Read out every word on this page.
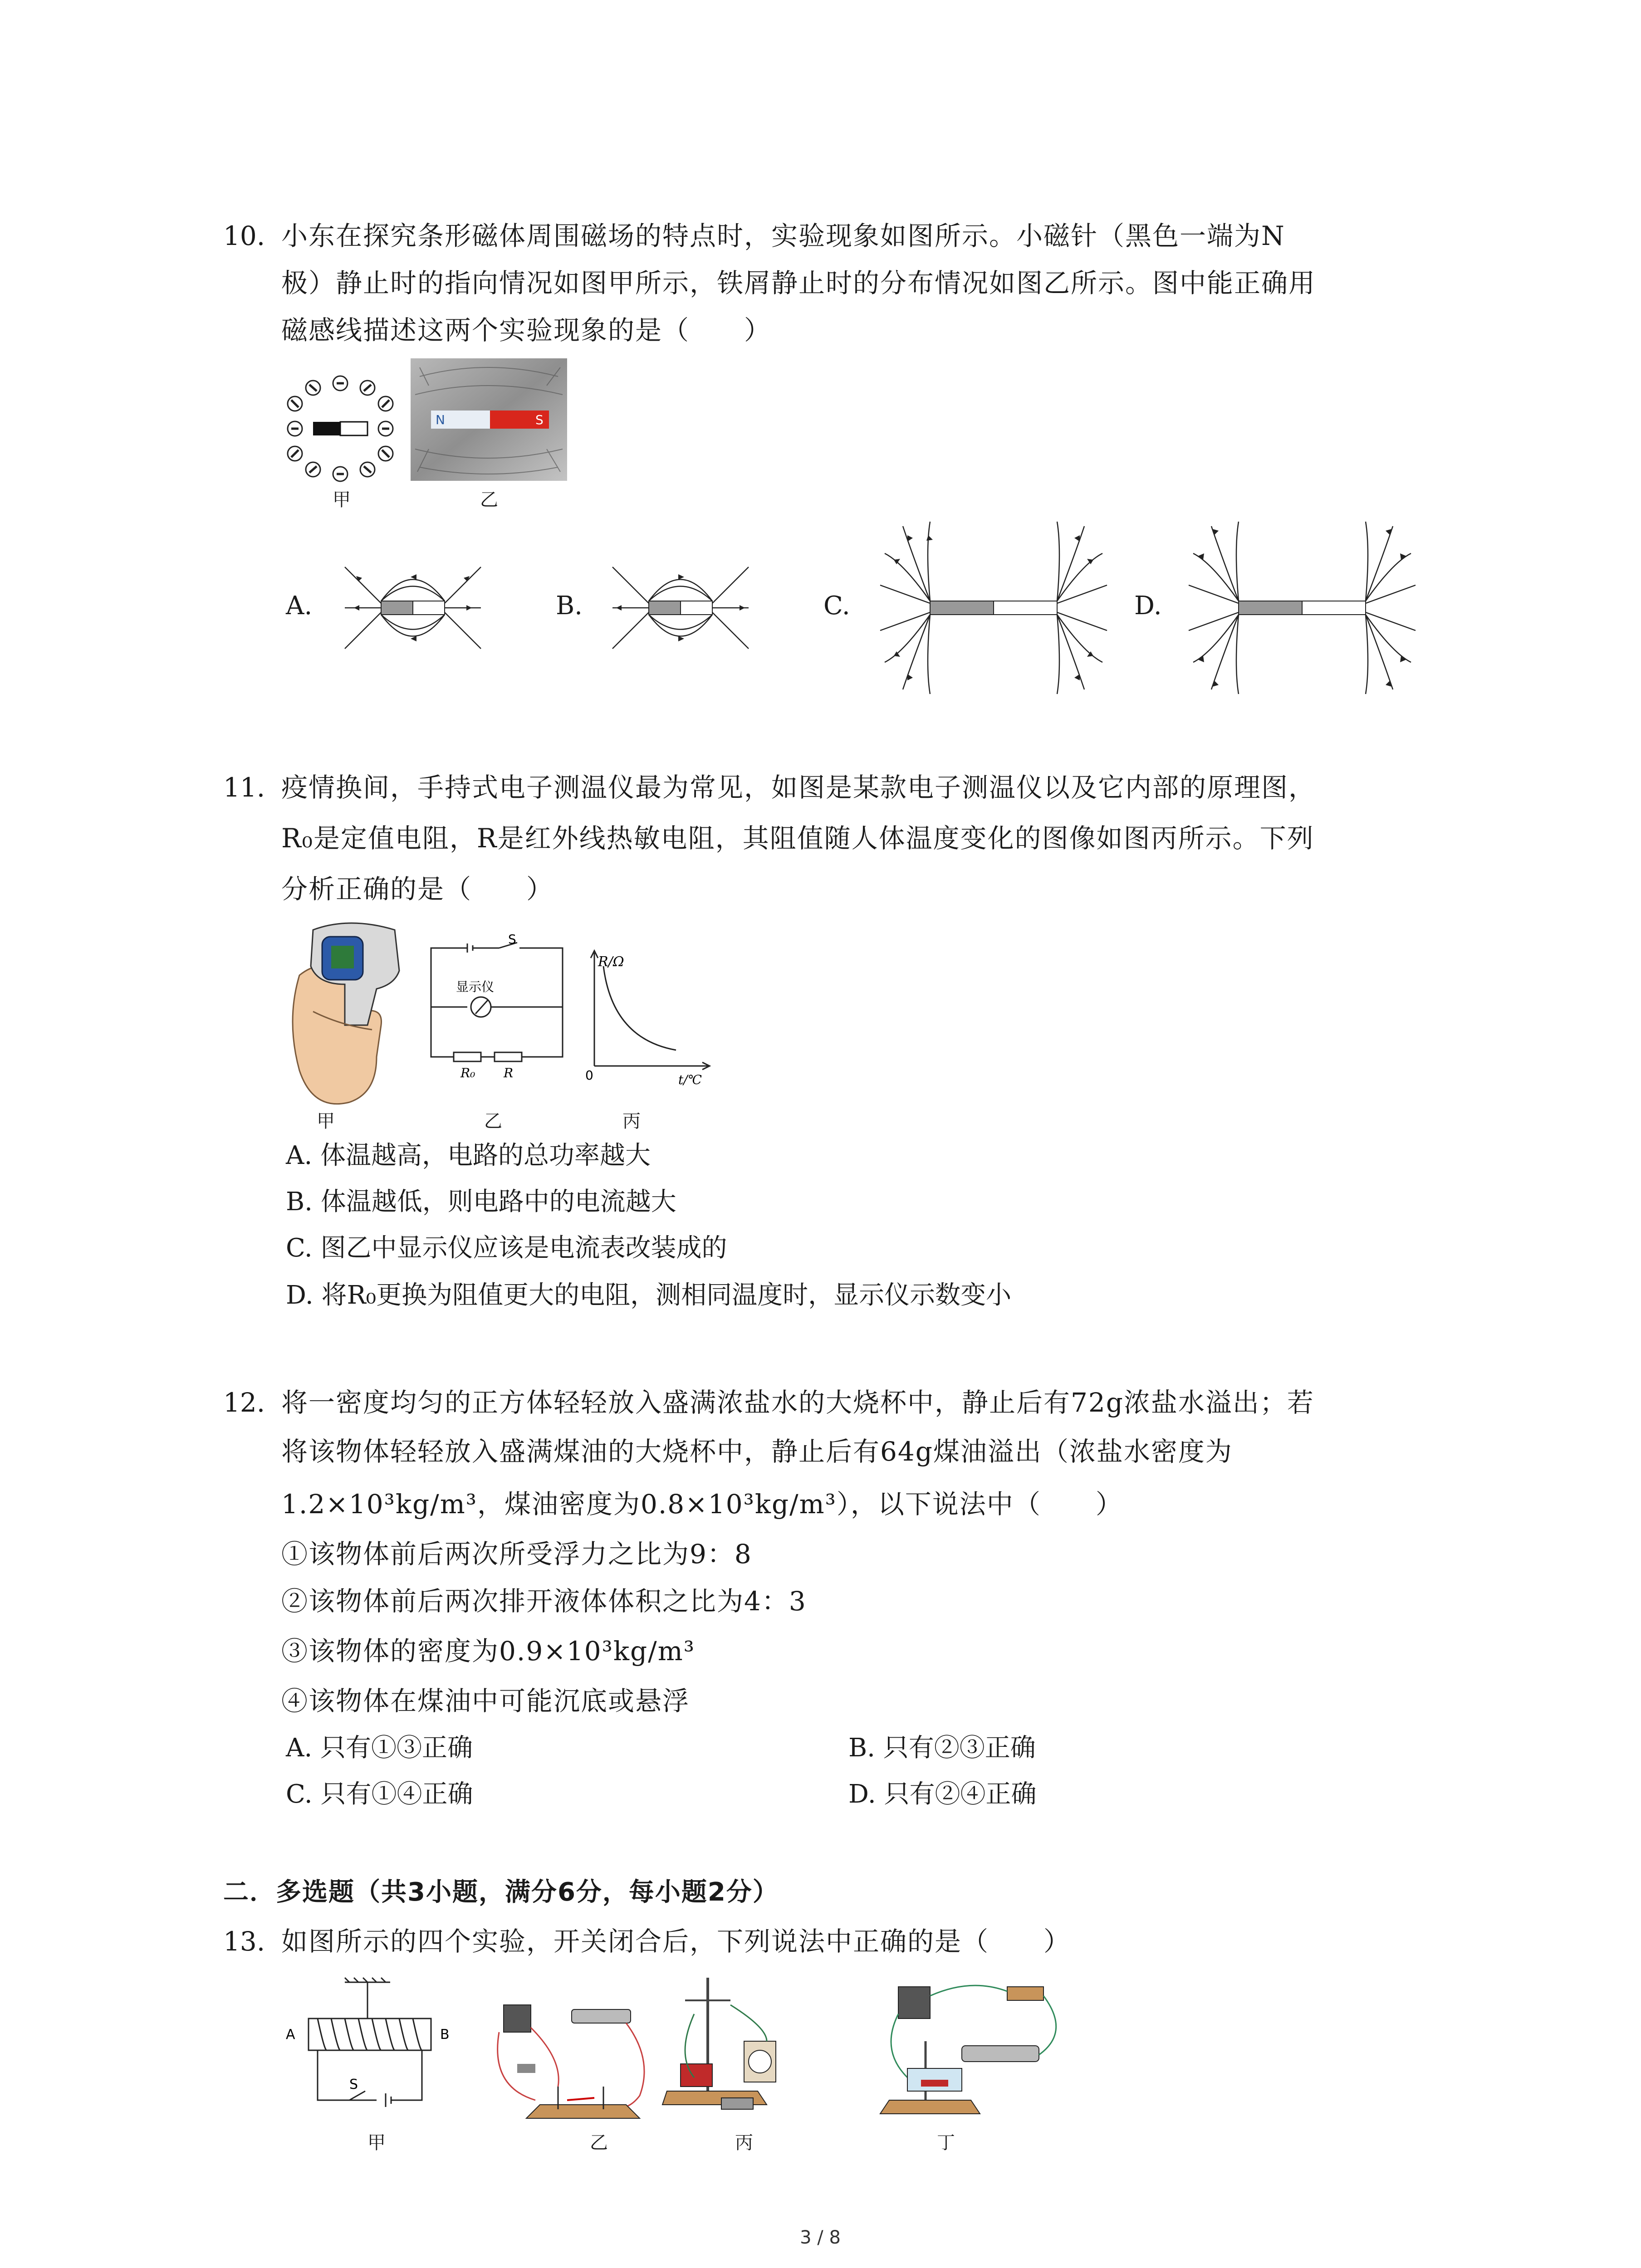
10. 小东在探究条形磁体周围磁场的特点时，实验现象如图所示。小磁针（黑色一端为N
极）静止时的指向情况如图甲所示，铁屑静止时的分布情况如图乙所示。图中能正确用
磁感线描述这两个实验现象的是（　　）
甲
N	S
乙
A.	B.	C.	D.
11. 疫情换间，手持式电子测温仪最为常见，如图是某款电子测温仪以及它内部的原理图，
R₀是定值电阻，R是红外线热敏电阻，其阻值随人体温度变化的图像如图丙所示。下列
分析正确的是（　　）
甲
S
显示仪
R₀ R
乙
R/Ω
0	t/℃
丙
A. 体温越高，电路的总功率越大
B. 体温越低，则电路中的电流越大
C. 图乙中显示仪应该是电流表改装成的
D. 将R₀更换为阻值更大的电阻，测相同温度时，显示仪示数变小
12. 将一密度均匀的正方体轻轻放入盛满浓盐水的大烧杯中，静止后有72g浓盐水溢出；若
将该物体轻轻放入盛满煤油的大烧杯中，静止后有64g煤油溢出（浓盐水密度为
1.2×10³kg/m³，煤油密度为0.8×10³kg/m³），以下说法中（　　）
①该物体前后两次所受浮力之比为9：8
②该物体前后两次排开液体体积之比为4：3
③该物体的密度为0.9×10³kg/m³
④该物体在煤油中可能沉底或悬浮
A. 只有①③正确	B. 只有②③正确
C. 只有①④正确	D. 只有②④正确
二．多选题（共3小题，满分6分，每小题2分）
13. 如图所示的四个实验，开关闭合后，下列说法中正确的是（　　）
A	B
S
甲	乙	丙	丁
3 / 8
